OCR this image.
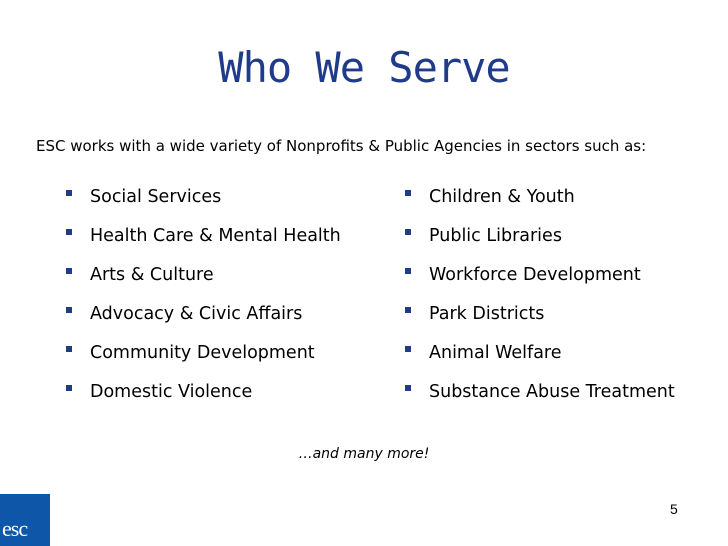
Who We Serve
ESC works with a wide variety of Nonprofits & Public Agencies in sectors such as:
Social Services
Health Care & Mental Health
Arts & Culture
Advocacy & Civic Affairs
Community Development
Domestic Violence
Children & Youth
Public Libraries
Workforce Development
Park Districts
Animal Welfare
Substance Abuse Treatment
…and many more!
5
esc
